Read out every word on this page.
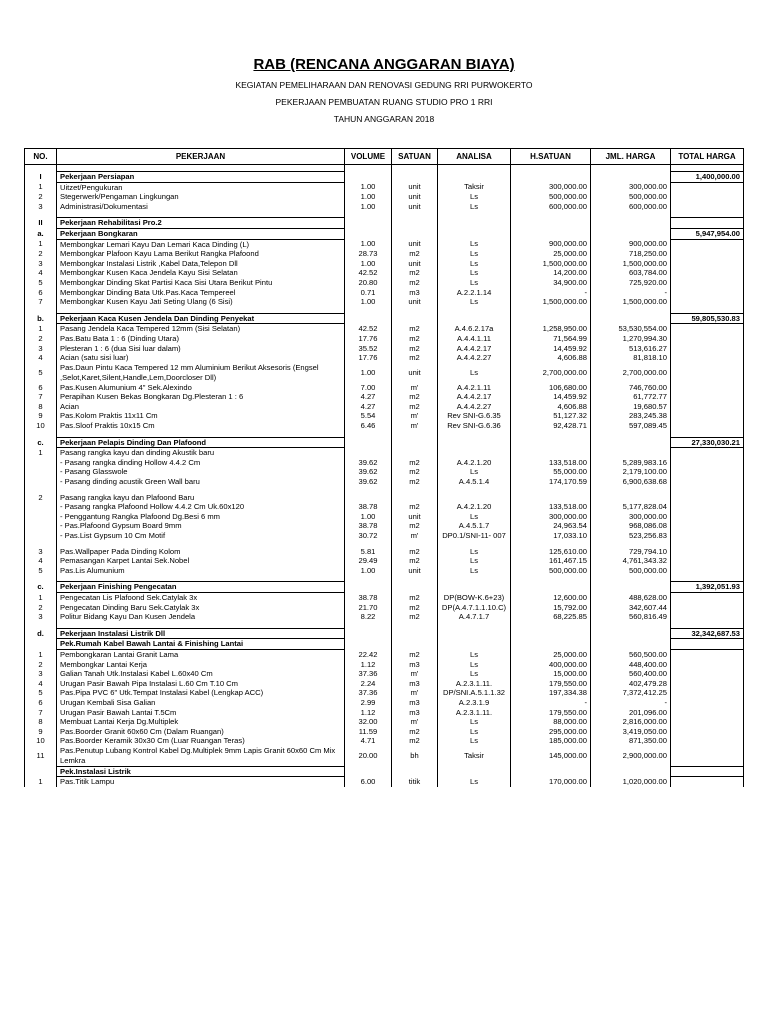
RAB (RENCANA ANGGARAN BIAYA)
KEGIATAN PEMELIHARAAN DAN RENOVASI GEDUNG RRI PURWOKERTO
PEKERJAAN PEMBUATAN RUANG STUDIO PRO 1 RRI
TAHUN ANGGARAN 2018
NO.	PEKERJAAN	VOLUME	SATUAN	ANALISA	H.SATUAN	JML. HARGA	TOTAL HARGA

I	Pekerjaan Persiapan						1,400,000.00
1	Uitzet/Pengukuran	1.00	unit	Taksir	300,000.00	300,000.00	
2	Stegerwerk/Pengaman Lingkungan	1.00	unit	Ls	500,000.00	500,000.00	
3	Administrasi/Dokumentasi	1.00	unit	Ls	600,000.00	600,000.00	

II	Pekerjaan Rehabilitasi Pro.2						
a.	Pekerjaan Bongkaran						5,947,954.00
1	Membongkar Lemari Kayu Dan Lemari Kaca Dinding (L)	1.00	unit	Ls	900,000.00	900,000.00	
2	Membongkar Plafoon Kayu Lama Berikut Rangka Plafoond	28.73	m2	Ls	25,000.00	718,250.00	
3	Membongkar Instalasi Listrik ,Kabel Data,Telepon Dll	1.00	unit	Ls	1,500,000.00	1,500,000.00	
4	Membongkar Kusen Kaca Jendela Kayu Sisi Selatan	42.52	m2	Ls	14,200.00	603,784.00	
5	Membongkar Dinding Skat Partisi Kaca Sisi Utara Berikut Pintu	20.80	m2	Ls	34,900.00	725,920.00	
6	Membongkar Dinding Bata Utk.Pas.Kaca Tempereel	0.71	m3	A.2.2.1.14	-	-	
7	Membongkar Kusen Kayu Jati Seting Ulang (6 Sisi)	1.00	unit	Ls	1,500,000.00	1,500,000.00	

b.	Pekerjaan Kaca Kusen Jendela Dan Dinding Penyekat						59,805,530.83
1	Pasang Jendela Kaca Tempered 12mm (Sisi Selatan)	42.52	m2	A.4.6.2.17a	1,258,950.00	53,530,554.00	
2	Pas.Batu Bata 1 : 6 (Dinding Utara)	17.76	m2	A.4.4.1.11	71,564.99	1,270,994.30	
3	Plesteran 1 : 6 (dua Sisi luar dalam)	35.52	m2	A.4.4.2.17	14,459.92	513,616.27	
4	Acian (satu sisi luar)	17.76	m2	A.4.4.2.27	4,606.88	81,818.10	
5	Pas.Daun Pintu Kaca Tempered 12 mm Aluminium Berikut Aksesoris (Engsel ,Selot,Karet,Silent,Handle,Lem,Doorcloser Dll)	1.00	unit	Ls	2,700,000.00	2,700,000.00	
6	Pas.Kusen Alumunium 4" Sek.Alexindo	7.00	m'	A.4.2.1.11	106,680.00	746,760.00	
7	Perapihan Kusen Bekas Bongkaran Dg.Plesteran 1 : 6	4.27	m2	A.4.4.2.17	14,459.92	61,772.77	
8	Acian	4.27	m2	A.4.4.2.27	4,606.88	19,680.57	
9	Pas.Kolom Praktis 11x11 Cm	5.54	m'	Rev SNI-G.6.35	51,127.32	283,245.38	
10	Pas.Sloof Praktis 10x15 Cm	6.46	m'	Rev SNI-G.6.36	92,428.71	597,089.45	

c.	Pekerjaan Pelapis Dinding Dan Plafoond						27,330,030.21
1	Pasang rangka kayu dan dinding Akustik baru						
	- Pasang rangka dinding Hollow 4.4.2 Cm	39.62	m2	A.4.2.1.20	133,518.00	5,289,983.16	
	- Pasang Glasswole	39.62	m2	Ls	55,000.00	2,179,100.00	
	- Pasang dinding acustik Green Wall baru	39.62	m2	A.4.5.1.4	174,170.59	6,900,638.68	

2	Pasang rangka kayu dan Plafoond Baru						
	- Pasang rangka Plafoond Hollow 4.4.2 Cm Uk.60x120	38.78	m2	A.4.2.1.20	133,518.00	5,177,828.04	
	- Penggantung Rangka Plafoond Dg.Besi 6 mm	1.00	unit	Ls	300,000.00	300,000.00	
	- Pas.Plafoond Gypsum Board 9mm	38.78	m2	A.4.5.1.7	24,963.54	968,086.08	
	- Pas.List Gypsum 10 Cm Motif	30.72	m'	DP0.1/SNI-11- 007	17,033.10	523,256.83	

3	Pas.Wallpaper Pada Dinding Kolom	5.81	m2	Ls	125,610.00	729,794.10	
4	Pemasangan Karpet Lantai Sek.Nobel	29.49	m2	Ls	161,467.15	4,761,343.32	
5	Pas.Lis Alumunium	1.00	unit	Ls	500,000.00	500,000.00	

c.	Pekerjaan Finishing Pengecatan						1,392,051.93
1	Pengecatan Lis Plafoond Sek.Catylak 3x	38.78	m2	DP(BOW-K.6+23)	12,600.00	488,628.00	
2	Pengecatan Dinding Baru Sek.Catylak 3x	21.70	m2	DP(A.4.7.1.1.10.C)	15,792.00	342,607.44	
3	Politur Bidang Kayu Dan Kusen Jendela	8.22	m2	A.4.7.1.7	68,225.85	560,816.49	

d.	Pekerjaan Instalasi Listrik Dll						32,342,687.53
	Pek.Rumah Kabel Bawah Lantai & Finishing Lantai						
1	Pembongkaran Lantai Granit Lama	22.42	m2	Ls	25,000.00	560,500.00	
2	Membongkar Lantai Kerja	1.12	m3	Ls	400,000.00	448,400.00	
3	Galian Tanah Utk.Instalasi Kabel L.60x40 Cm	37.36	m'	Ls	15,000.00	560,400.00	
4	Urugan Pasir Bawah Pipa Instalasi L.60 Cm T.10 Cm	2.24	m3	A.2.3.1.11.	179,550.00	402,479.28	
5	Pas.Pipa PVC 6" Utk.Tempat Instalasi Kabel (Lengkap ACC)	37.36	m'	DP/SNI.A.5.1.1.32	197,334.38	7,372,412.25	
6	Urugan Kembali Sisa Galian	2.99	m3	A.2.3.1.9	-	-	
7	Urugan Pasir Bawah Lantai T.5Cm	1.12	m3	A.2.3.1.11.	179,550.00	201,096.00	
8	Membuat Lantai Kerja Dg.Multiplek	32.00	m'	Ls	88,000.00	2,816,000.00	
9	Pas.Boorder Granit 60x60 Cm (Dalam Ruangan)	11.59	m2	Ls	295,000.00	3,419,050.00	
10	Pas.Boorder Keramik 30x30 Cm (Luar Ruangan Teras)	4.71	m2	Ls	185,000.00	871,350.00	
11	Pas.Penutup Lubang Kontrol Kabel Dg.Multiplek 9mm Lapis Granit 60x60 Cm Mix Lemkra	20.00	bh	Taksir	145,000.00	2,900,000.00	
	Pek.Instalasi Listrik						
1	Pas.Titik Lampu	6.00	titik	Ls	170,000.00	1,020,000.00	
